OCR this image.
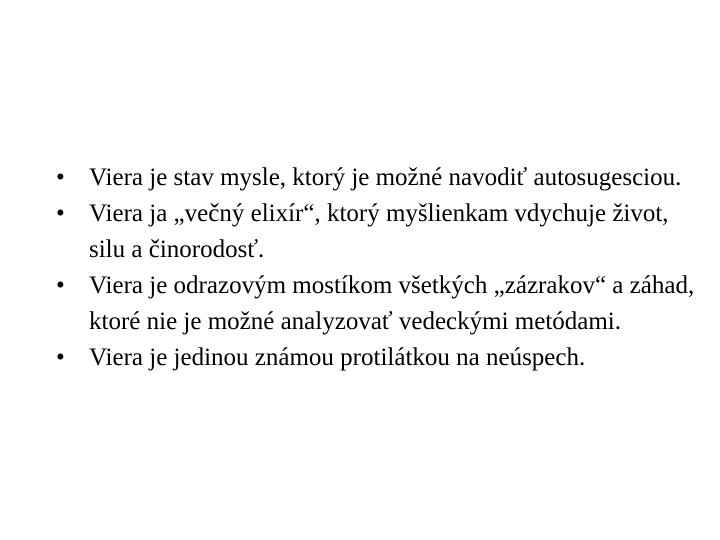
• Viera je stav mysle, ktorý je možné navodiť autosugesciou.
• Viera ja „večný elixír“, ktorý myšlienkam vdychuje život, silu a činorodosť.
• Viera je odrazovým mostíkom všetkých „zázrakov“ a záhad, ktoré nie je možné analyzovať vedeckými metódami.
• Viera je jedinou známou protilátkou na neúspech.
